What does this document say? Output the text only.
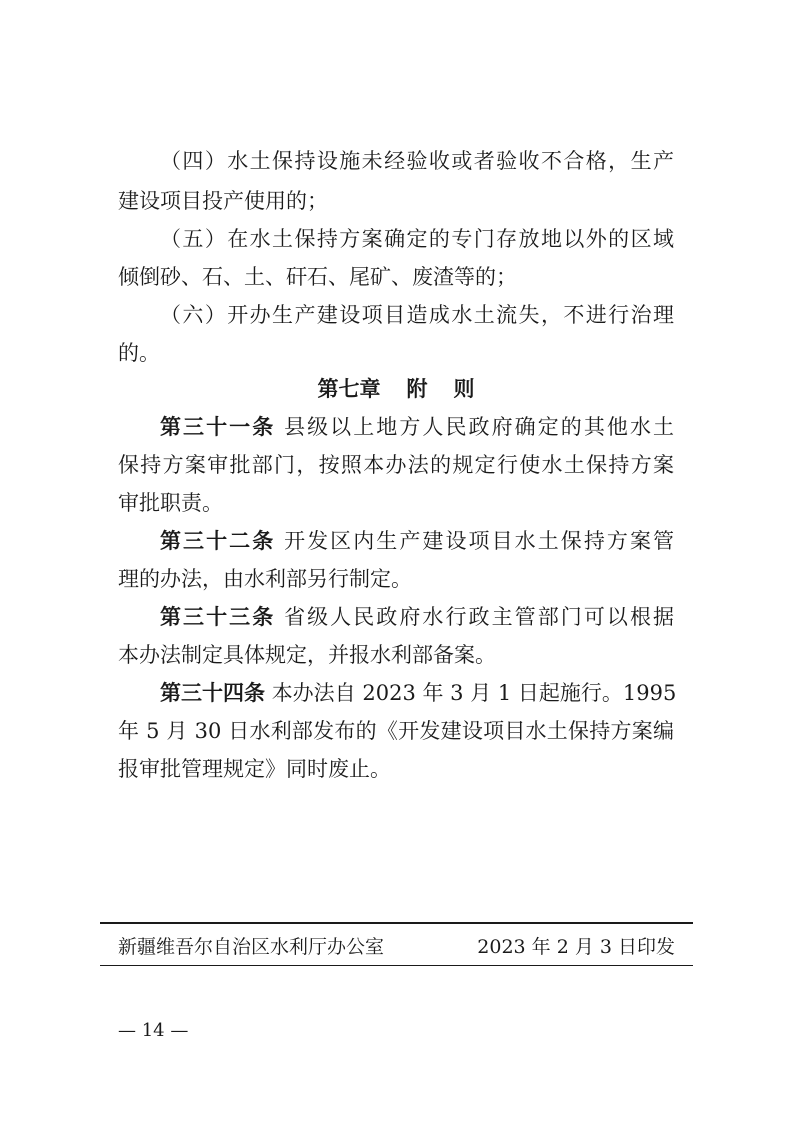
（四）水土保持设施未经验收或者验收不合格，生产
建设项目投产使用的；
（五）在水土保持方案确定的专门存放地以外的区域
倾倒砂、石、土、矸石、尾矿、废渣等的；
（六）开办生产建设项目造成水土流失，不进行治理
的。
第七章 附 则
第三十一条 县级以上地方人民政府确定的其他水土
保持方案审批部门，按照本办法的规定行使水土保持方案
审批职责。
第三十二条 开发区内生产建设项目水土保持方案管
理的办法，由水利部另行制定。
第三十三条 省级人民政府水行政主管部门可以根据
本办法制定具体规定，并报水利部备案。
第三十四条 本办法自 2023 年 3 月 1 日起施行。1995
年 5 月 30 日水利部发布的《开发建设项目水土保持方案编
报审批管理规定》同时废止。
新疆维吾尔自治区水利厅办公室	2023 年 2 月 3 日印发
— 14 —
